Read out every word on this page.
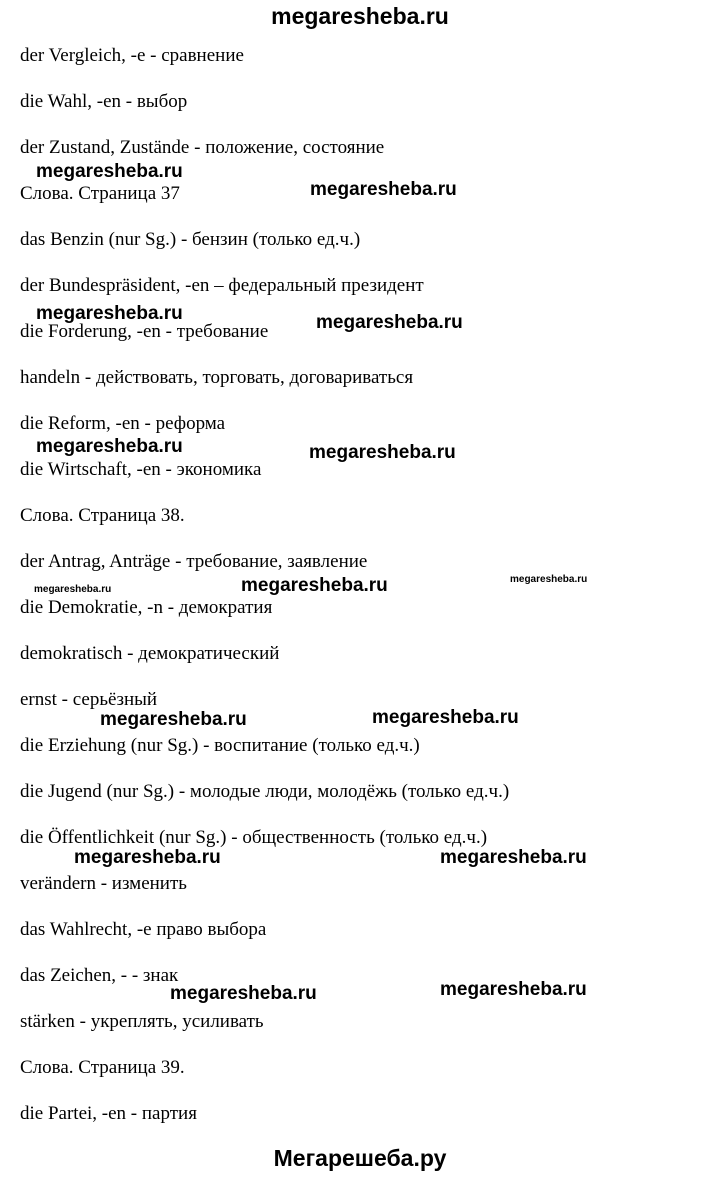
megaresheba.ru
der Vergleich, -e - сравнение
die Wahl, -en - выбор
der Zustand, Zustände - положение, состояние
Слова. Страница 37
das Benzin (nur Sg.) - бензин (только ед.ч.)
der Bundespräsident, -en – федеральный президент
die Forderung, -en - требование
handeln - действовать, торговать, договариваться
die Reform, -en - реформа
die Wirtschaft, -en - экономика
Слова. Страница 38.
der Antrag, Anträge - требование, заявление
die Demokratie, -n - демократия
demokratisch - демократический
ernst - серьёзный
die Erziehung (nur Sg.) - воспитание (только ед.ч.)
die Jugend (nur Sg.) - молодые люди, молодёжь (только ед.ч.)
die Öffentlichkeit (nur Sg.) - общественность (только ед.ч.)
verändern - изменить
das Wahlrecht, -e право выбора
das Zeichen, - - знак
stärken - укреплять, усиливать
Слова. Страница 39.
die Partei, -en - партия
megaresheba.ru
megaresheba.ru
megaresheba.ru	megaresheba.ru
megaresheba.ru	megaresheba.ru
megaresheba.ru	megaresheba.ru	megaresheba.ru
megaresheba.ru	megaresheba.ru
megaresheba.ru	megaresheba.ru
megaresheba.ru	megaresheba.ru
Мегарешеба.ру
